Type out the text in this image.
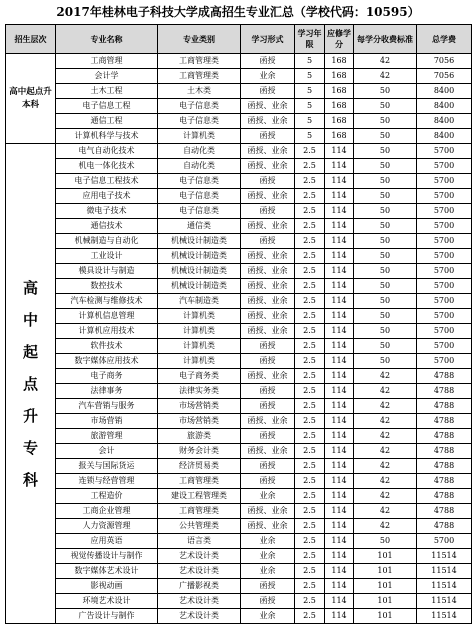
2017年桂林电子科技大学成高招生专业汇总（学校代码：10595）
招生层次	专业名称	专业类别	学习形式	学习年限	应修学分	每学分收费标准	总学费
高中起点升本科	工商管理	工商管理类	函授	5	168	42	7056
	会计学	工商管理类	业余	5	168	42	7056
	土木工程	土木类	函授	5	168	50	8400
	电子信息工程	电子信息类	函授、业余	5	168	50	8400
	通信工程	电子信息类	函授、业余	5	168	50	8400
	计算机科学与技术	计算机类	函授	5	168	50	8400
高中起点升专科	电气自动化技术	自动化类	函授、业余	2.5	114	50	5700
	机电一体化技术	自动化类	函授、业余	2.5	114	50	5700
	电子信息工程技术	电子信息类	函授	2.5	114	50	5700
	应用电子技术	电子信息类	函授、业余	2.5	114	50	5700
	微电子技术	电子信息类	函授	2.5	114	50	5700
	通信技术	通信类	函授、业余	2.5	114	50	5700
	机械制造与自动化	机械设计制造类	函授	2.5	114	50	5700
	工业设计	机械设计制造类	函授、业余	2.5	114	50	5700
	模具设计与制造	机械设计制造类	函授、业余	2.5	114	50	5700
	数控技术	机械设计制造类	函授、业余	2.5	114	50	5700
	汽车检测与维修技术	汽车制造类	函授、业余	2.5	114	50	5700
	计算机信息管理	计算机类	函授、业余	2.5	114	50	5700
	计算机应用技术	计算机类	函授、业余	2.5	114	50	5700
	软件技术	计算机类	函授	2.5	114	50	5700
	数字媒体应用技术	计算机类	函授	2.5	114	50	5700
	电子商务	电子商务类	函授、业余	2.5	114	42	4788
	法律事务	法律实务类	函授	2.5	114	42	4788
	汽车营销与服务	市场营销类	函授	2.5	114	42	4788
	市场营销	市场营销类	函授、业余	2.5	114	42	4788
	旅游管理	旅游类	函授	2.5	114	42	4788
	会计	财务会计类	函授、业余	2.5	114	42	4788
	报关与国际货运	经济贸易类	函授	2.5	114	42	4788
	连锁与经营管理	工商管理类	函授	2.5	114	42	4788
	工程造价	建设工程管理类	业余	2.5	114	42	4788
	工商企业管理	工商管理类	函授、业余	2.5	114	42	4788
	人力资源管理	公共管理类	函授、业余	2.5	114	42	4788
	应用英语	语言类	业余	2.5	114	50	5700
	视觉传播设计与制作	艺术设计类	业余	2.5	114	101	11514
	数字媒体艺术设计	艺术设计类	业余	2.5	114	101	11514
	影视动画	广播影视类	函授	2.5	114	101	11514
	环境艺术设计	艺术设计类	函授	2.5	114	101	11514
	广告设计与制作	艺术设计类	业余	2.5	114	101	11514
